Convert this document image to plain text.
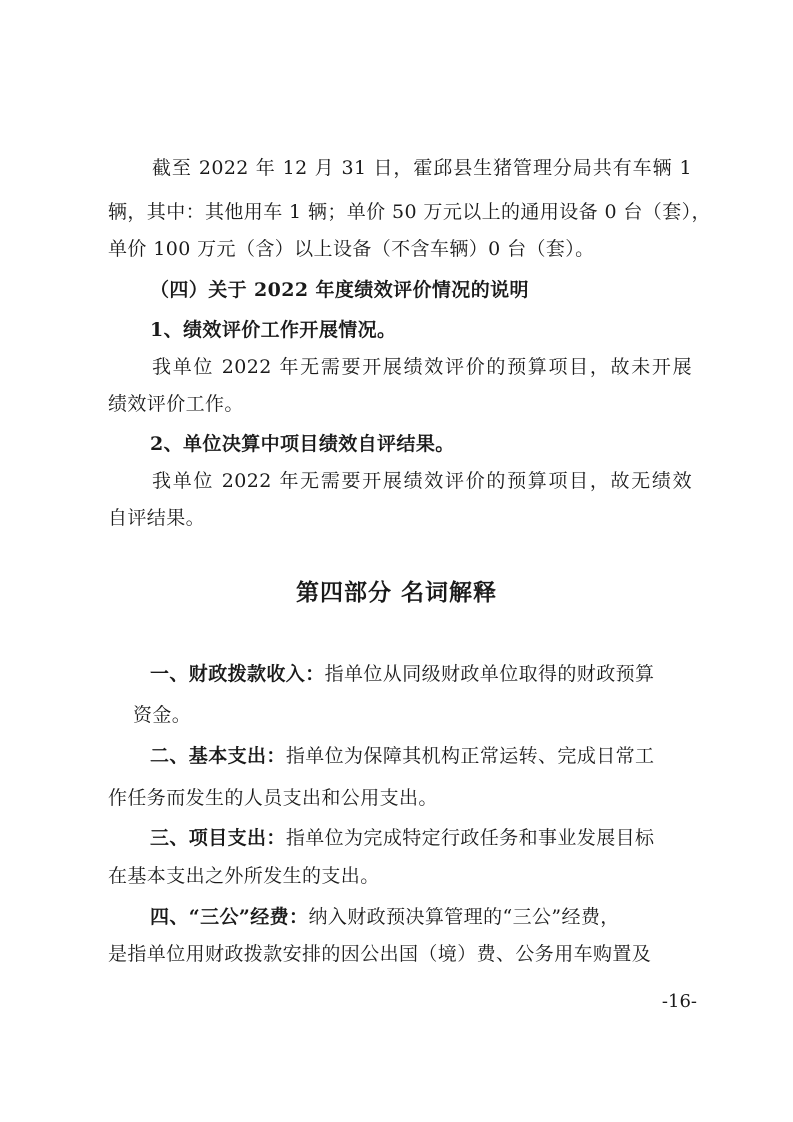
截至 2022 年 12 月 31 日，霍邱县生猪管理分局共有车辆 1
辆，其中：其他用车 1 辆；单价 50 万元以上的通用设备 0 台（套），
单价 100 万元（含）以上设备（不含车辆）0 台（套）。
（四）关于 2022 年度绩效评价情况的说明
1、绩效评价工作开展情况。
我单位 2022 年无需要开展绩效评价的预算项目，故未开展
绩效评价工作。
2、单位决算中项目绩效自评结果。
我单位 2022 年无需要开展绩效评价的预算项目，故无绩效
自评结果。
第四部分 名词解释
一、财政拨款收入：指单位从同级财政单位取得的财政预算
资金。
二、基本支出：指单位为保障其机构正常运转、完成日常工
作任务而发生的人员支出和公用支出。
三、项目支出：指单位为完成特定行政任务和事业发展目标
在基本支出之外所发生的支出。
四、“三公”经费：纳入财政预决算管理的“三公”经费，
是指单位用财政拨款安排的因公出国（境）费、公务用车购置及
-16-
